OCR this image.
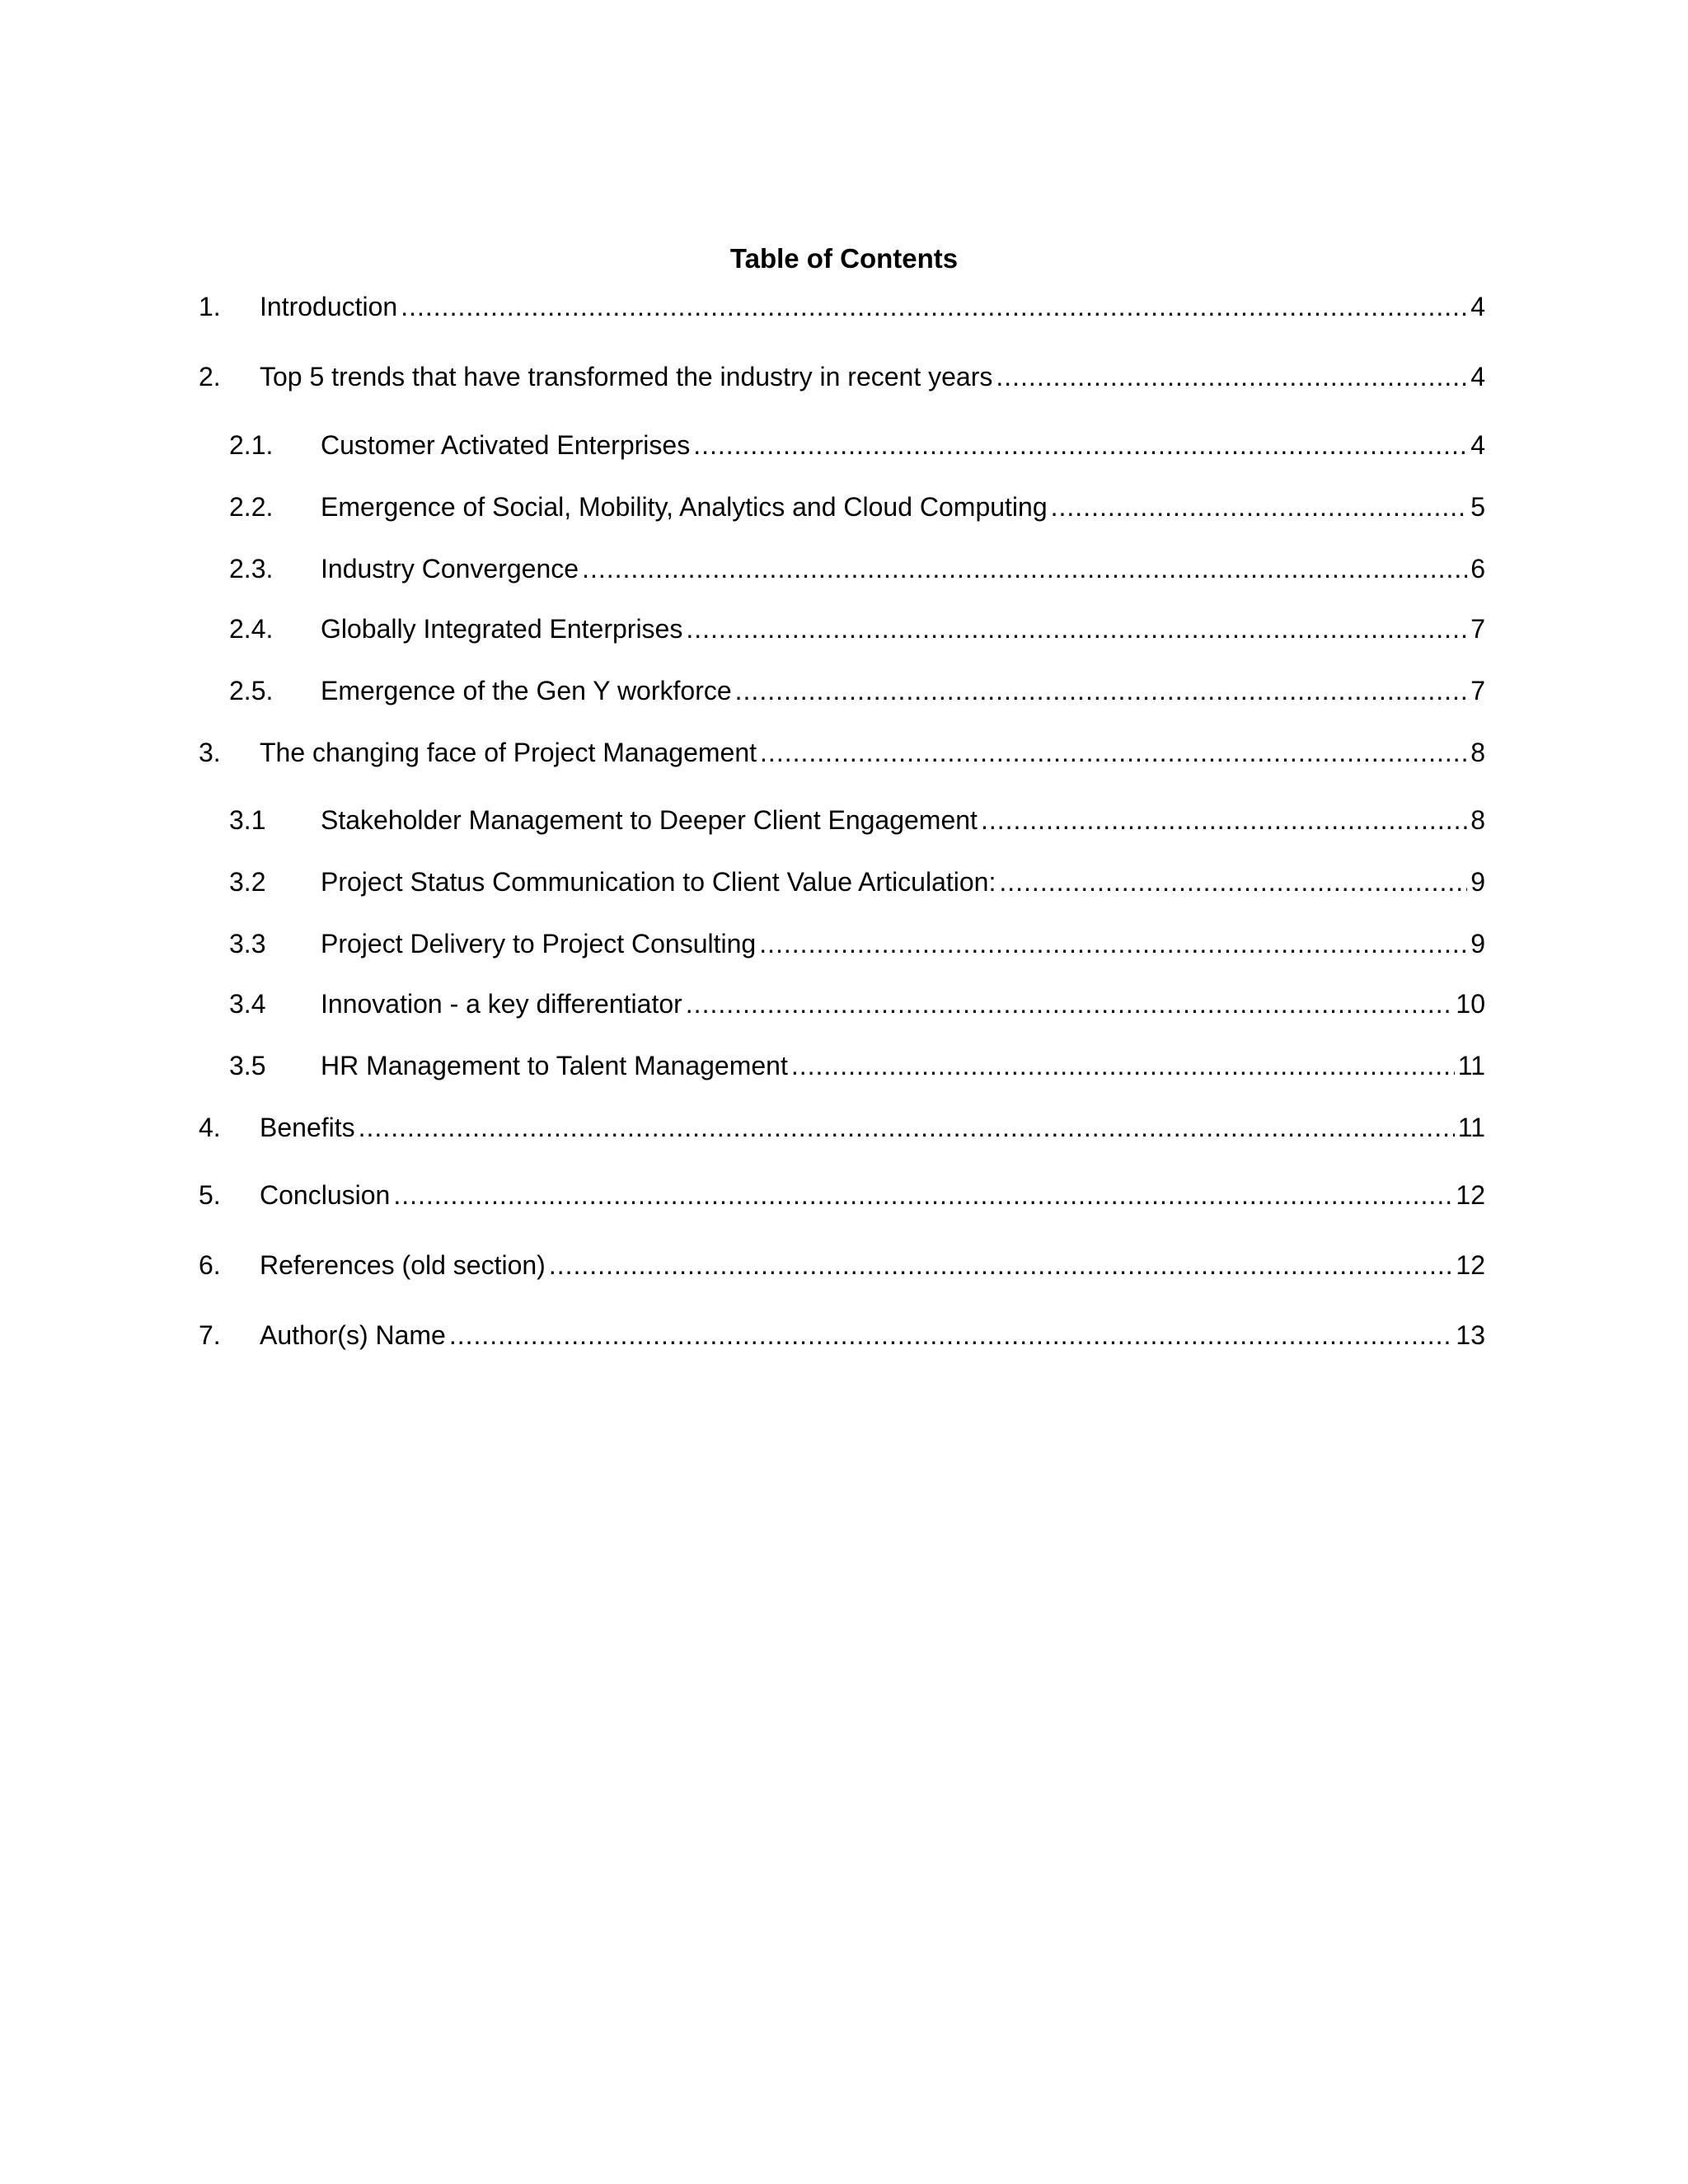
Table of Contents
1.	Introduction .....	4
2.	Top 5 trends that have transformed the industry in recent years .....	4
2.1.	Customer Activated Enterprises .....	4
2.2.	Emergence of Social, Mobility, Analytics and Cloud Computing .....	5
2.3.	Industry Convergence .....	6
2.4.	Globally Integrated Enterprises .....	7
2.5.	Emergence of the Gen Y workforce .....	7
3.	The changing face of Project Management .....	8
3.1	Stakeholder Management to Deeper Client Engagement .....	8
3.2	Project Status Communication to Client Value Articulation: .....	9
3.3	Project Delivery to Project Consulting .....	9
3.4	Innovation - a key differentiator .....	10
3.5	HR Management to Talent Management .....	11
4.	Benefits .....	11
5.	Conclusion .....	12
6.	References (old section) .....	12
7.	Author(s) Name .....	13
